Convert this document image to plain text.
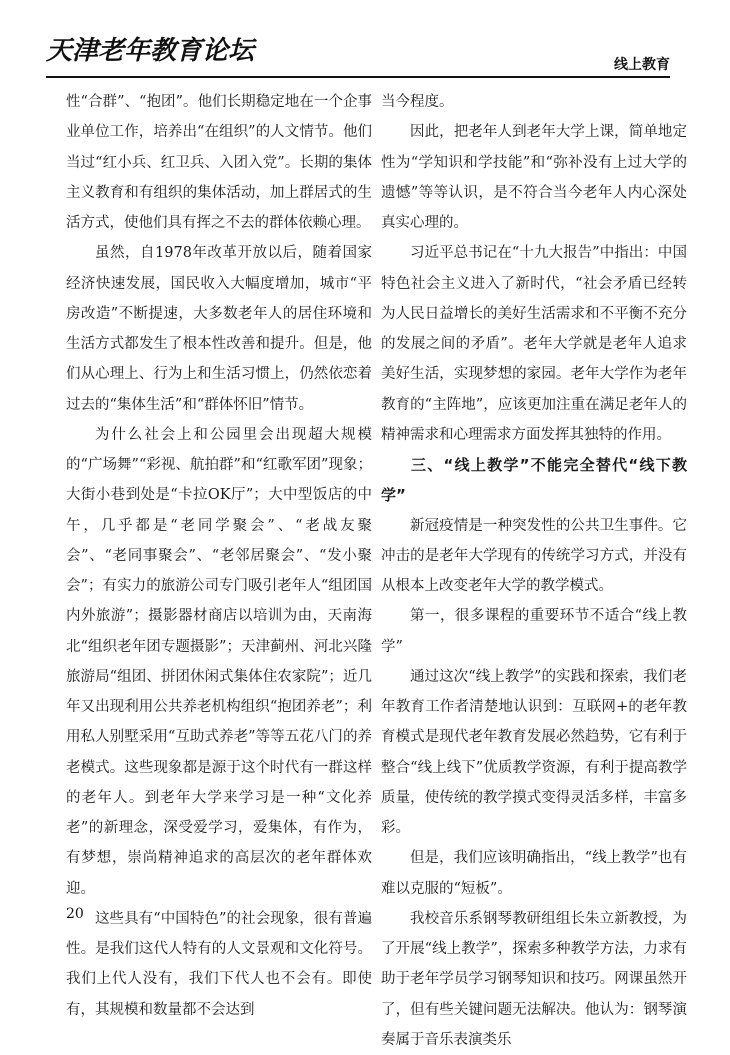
天津老年教育论坛	线上教育

性“合群”、“抱团”。他们长期稳定地在一个企事业单位工作，培养出“在组织”的人文情节。他们当过“红小兵、红卫兵、入团入党”。长期的集体主义教育和有组织的集体活动，加上群居式的生活方式，使他们具有挥之不去的群体依赖心理。

虽然，自1978年改革开放以后，随着国家经济快速发展，国民收入大幅度增加，城市“平房改造”不断提速，大多数老年人的居住环境和生活方式都发生了根本性改善和提升。但是，他们从心理上、行为上和生活习惯上，仍然依恋着过去的“集体生活”和“群体怀旧”情节。

为什么社会上和公园里会出现超大规模的“广场舞”“彩视、航拍群”和“红歌军团”现象；大街小巷到处是“卡拉OK厅”；大中型饭店的中午，几乎都是“老同学聚会”、“老战友聚会”、“老同事聚会”、“老邻居聚会”、“发小聚会”；有实力的旅游公司专门吸引老年人“组团国内外旅游”；摄影器材商店以培训为由，天南海北“组织老年团专题摄影”；天津蓟州、河北兴隆旅游局“组团、拼团休闲式集体住农家院”；近几年又出现利用公共养老机构组织“抱团养老”；利用私人别墅采用“互助式养老”等等五花八门的养老模式。这些现象都是源于这个时代有一群这样的老年人。到老年大学来学习是一种“文化养老”的新理念，深受爱学习，爱集体，有作为，有梦想，崇尚精神追求的高层次的老年群体欢迎。

这些具有“中国特色”的社会现象，很有普遍性。是我们这代人特有的人文景观和文化符号。我们上代人没有，我们下代人也不会有。即使有，其规模和数量都不会达到

当今程度。

因此，把老年人到老年大学上课，简单地定性为“学知识和学技能”和“弥补没有上过大学的遗憾”等等认识，是不符合当今老年人内心深处真实心理的。

习近平总书记在“十九大报告”中指出：中国特色社会主义进入了新时代，“社会矛盾已经转为人民日益增长的美好生活需求和不平衡不充分的发展之间的矛盾”。老年大学就是老年人追求美好生活，实现梦想的家园。老年大学作为老年教育的“主阵地”，应该更加注重在满足老年人的精神需求和心理需求方面发挥其独特的作用。

三、“线上教学”不能完全替代“线下教学”

新冠疫情是一种突发性的公共卫生事件。它冲击的是老年大学现有的传统学习方式，并没有从根本上改变老年大学的教学模式。

第一，很多课程的重要环节不适合“线上教学”

通过这次“线上教学”的实践和探索，我们老年教育工作者清楚地认识到：互联网+的老年教育模式是现代老年教育发展必然趋势，它有利于整合“线上线下”优质教学资源，有利于提高教学质量，使传统的教学摸式变得灵活多样，丰富多彩。

但是，我们应该明确指出，“线上教学”也有难以克服的“短板”。

我校音乐系钢琴教研组组长朱立新教授，为了开展“线上教学”，探索多种教学方法，力求有助于老年学员学习钢琴知识和技巧。网课虽然开了，但有些关键问题无法解决。他认为：钢琴演奏属于音乐表演类乐

20
